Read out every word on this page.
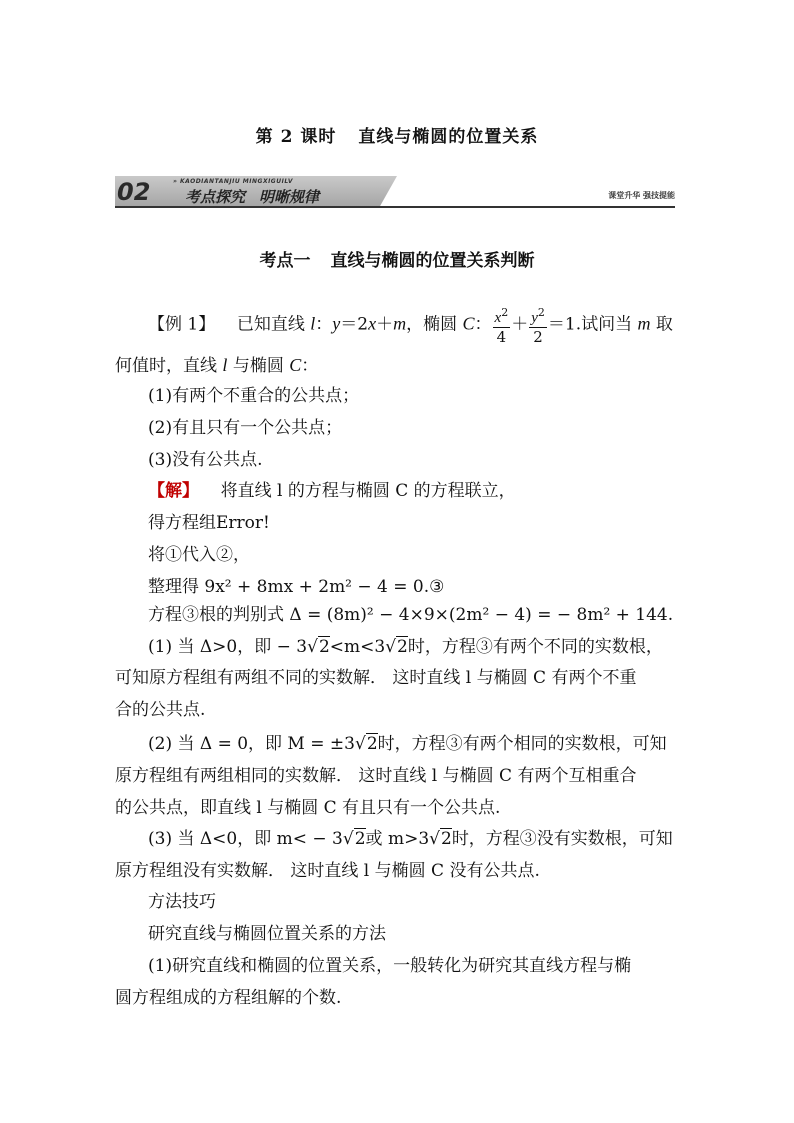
第 2 课时 直线与椭圆的位置关系
02	» KAODIANTANJIU MINGXIGUILV
考点探究 明晰规律	课堂升华 强技提能
考点一 直线与椭圆的位置关系判断
【例 1】 已知直线 l：y＝2x＋m，椭圆 C： $\frac{x^2}{4} + \frac{y^2}{2} =1$.试问当 m 取
何值时，直线 l 与椭圆 C：
(1)有两个不重合的公共点；
(2)有且只有一个公共点；
(3)没有公共点.
【解】 将直线 l 的方程与椭圆 C 的方程联立，
得方程组Error!
将①代入②，
整理得 9x² + 8mx + 2m² − 4 = 0.③
方程③根的判别式 Δ = (8m)² − 4×9×(2m² − 4) = − 8m² + 144.
(1) 当 Δ>0，即 − 3√2<m<3√2时，方程③有两个不同的实数根，
可知原方程组有两组不同的实数解． 这时直线 l 与椭圆 C 有两个不重
合的公共点.
(2) 当 Δ = 0，即 M = ±3√2时，方程③有两个相同的实数根，可知
原方程组有两组相同的实数解． 这时直线 l 与椭圆 C 有两个互相重合
的公共点，即直线 l 与椭圆 C 有且只有一个公共点.
(3) 当 Δ<0，即 m< − 3√2或 m>3√2时，方程③没有实数根，可知
原方程组没有实数解． 这时直线 l 与椭圆 C 没有公共点.
方法技巧
研究直线与椭圆位置关系的方法
(1)研究直线和椭圆的位置关系，一般转化为研究其直线方程与椭
圆方程组成的方程组解的个数.
